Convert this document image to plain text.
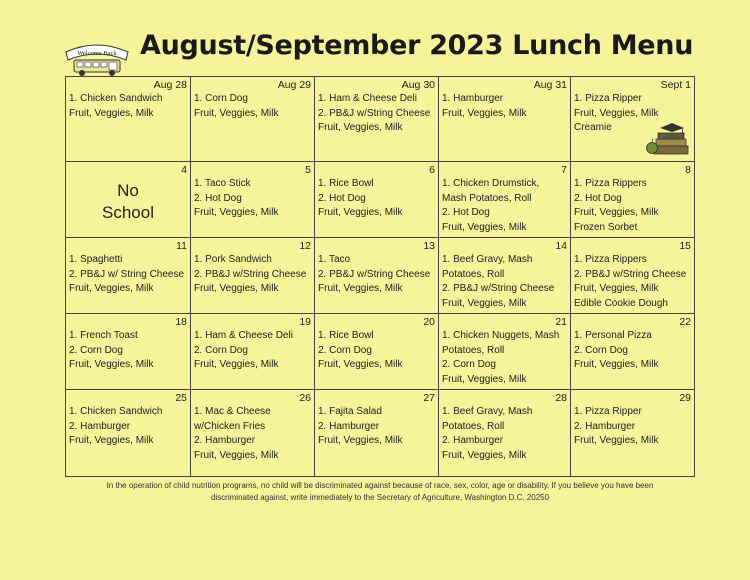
Welcome Back August/September 2023 Lunch Menu
Aug 28
1. Chicken Sandwich
Fruit, Veggies, Milk
Aug 29
1. Corn Dog
Fruit, Veggies, Milk
Aug 30
1. Ham & Cheese Deli
2. PB&J w/String Cheese
Fruit, Veggies, Milk
Aug 31
1. Hamburger
Fruit, Veggies, Milk
Sept 1
1. Pizza Ripper
Fruit, Veggies, Milk
Creamie
4
No
School
5
1. Taco Stick
2. Hot Dog
Fruit, Veggies, Milk
6
1. Rice Bowl
2. Hot Dog
Fruit, Veggies, Milk
7
1. Chicken Drumstick,
Mash Potatoes, Roll
2. Hot Dog
Fruit, Veggies, Milk
8
1. Pizza Rippers
2. Hot Dog
Fruit, Veggies, Milk
Frozen Sorbet
11
1. Spaghetti
2. PB&J w/ String Cheese
Fruit, Veggies, Milk
12
1. Pork Sandwich
2. PB&J w/String Cheese
Fruit, Veggies, Milk
13
1. Taco
2. PB&J w/String Cheese
Fruit, Veggies, Milk
14
1. Beef Gravy, Mash
Potatoes, Roll
2. PB&J w/String Cheese
Fruit, Veggies, Milk
15
1. Pizza Rippers
2. PB&J w/String Cheese
Fruit, Veggies, Milk
Edible Cookie Dough
18
1. French Toast
2. Corn Dog
Fruit, Veggies, Milk
19
1. Ham & Cheese Deli
2. Corn Dog
Fruit, Veggies, Milk
20
1. Rice Bowl
2. Corn Dog
Fruit, Veggies, Milk
21
1. Chicken Nuggets, Mash
Potatoes, Roll
2. Corn Dog
Fruit, Veggies, Milk
22
1. Personal Pizza
2. Corn Dog
Fruit, Veggies, Milk
25
1. Chicken Sandwich
2. Hamburger
Fruit, Veggies, Milk
26
1. Mac & Cheese
w/Chicken Fries
2. Hamburger
Fruit, Veggies, Milk
27
1. Fajita Salad
2. Hamburger
Fruit, Veggies, Milk
28
1. Beef Gravy, Mash
Potatoes, Roll
2. Hamburger
Fruit, Veggies, Milk
29
1. Pizza Ripper
2. Hamburger
Fruit, Veggies, Milk
In the operation of child nutrition programs, no child will be discriminated against because of race, sex, color, age or disability. If you believe you have been
discriminated against, write immediately to the Secretary of Agriculture, Washington D.C. 20250
